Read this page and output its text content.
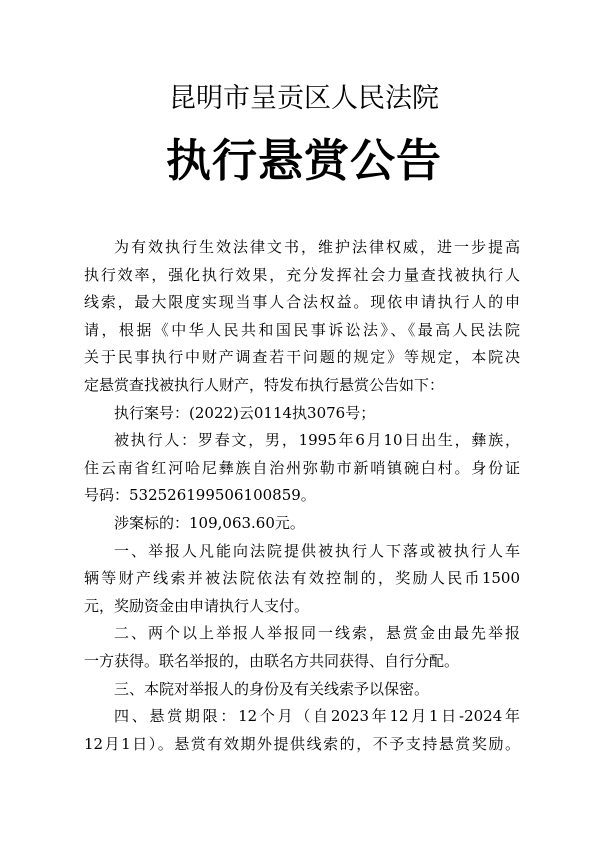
昆明市呈贡区人民法院
执行悬赏公告
为有效执行生效法律文书，维护法律权威，进一步提高
执行效率，强化执行效果，充分发挥社会力量查找被执行人
线索，最大限度实现当事人合法权益。现依申请执行人的申
请，根据《中华人民共和国民事诉讼法》、《最高人民法院
关于民事执行中财产调查若干问题的规定》等规定，本院决
定悬赏查找被执行人财产，特发布执行悬赏公告如下：
执行案号：(2022)云0114执3076号；
被执行人：罗春文，男，1995年6月10日出生，彝族，
住云南省红河哈尼彝族自治州弥勒市新哨镇碗白村。身份证
号码：532526199506100859。
涉案标的：109,063.60元。
一、举报人凡能向法院提供被执行人下落或被执行人车
辆等财产线索并被法院依法有效控制的，奖励人民币1500
元，奖励资金由申请执行人支付。
二、两个以上举报人举报同一线索，悬赏金由最先举报
一方获得。联名举报的，由联名方共同获得、自行分配。
三、本院对举报人的身份及有关线索予以保密。
四、悬赏期限：12个月（自2023年12月1日-2024年
12月1日）。悬赏有效期外提供线索的，不予支持悬赏奖励。
